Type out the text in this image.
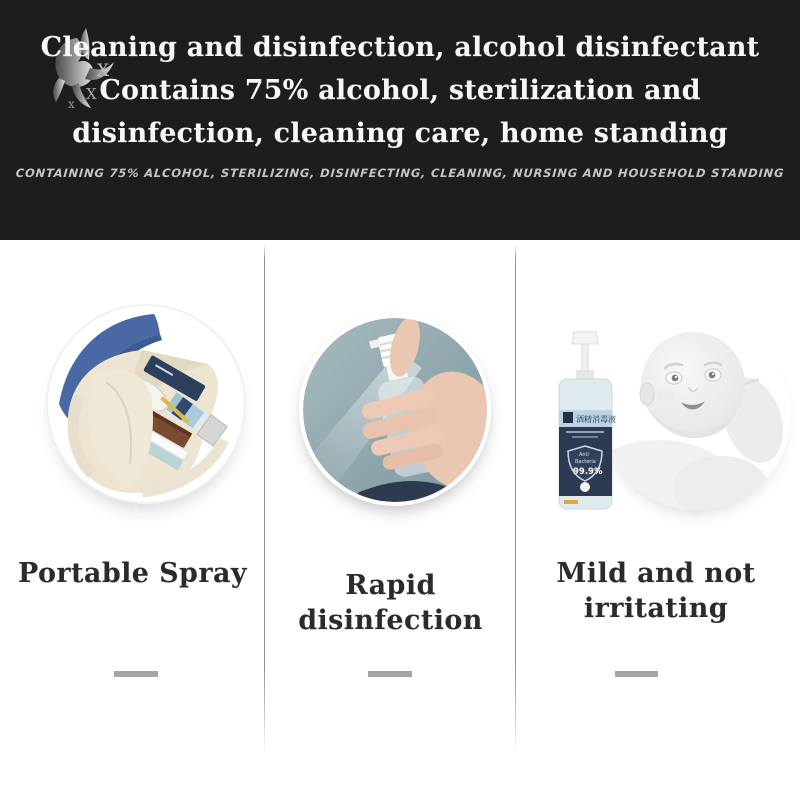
X
X
x
Cleaning and disinfection, alcohol disinfectant
Contains 75% alcohol, sterilization and
disinfection, cleaning care, home standing
CONTAINING 75% ALCOHOL, STERILIZING, DISINFECTING, CLEANING, NURSING AND HOUSEHOLD STANDING
酒精消毒液
Anti
Bacteria
99.9%
Portable Spray	Rapid disinfection
Mild and not irritating
